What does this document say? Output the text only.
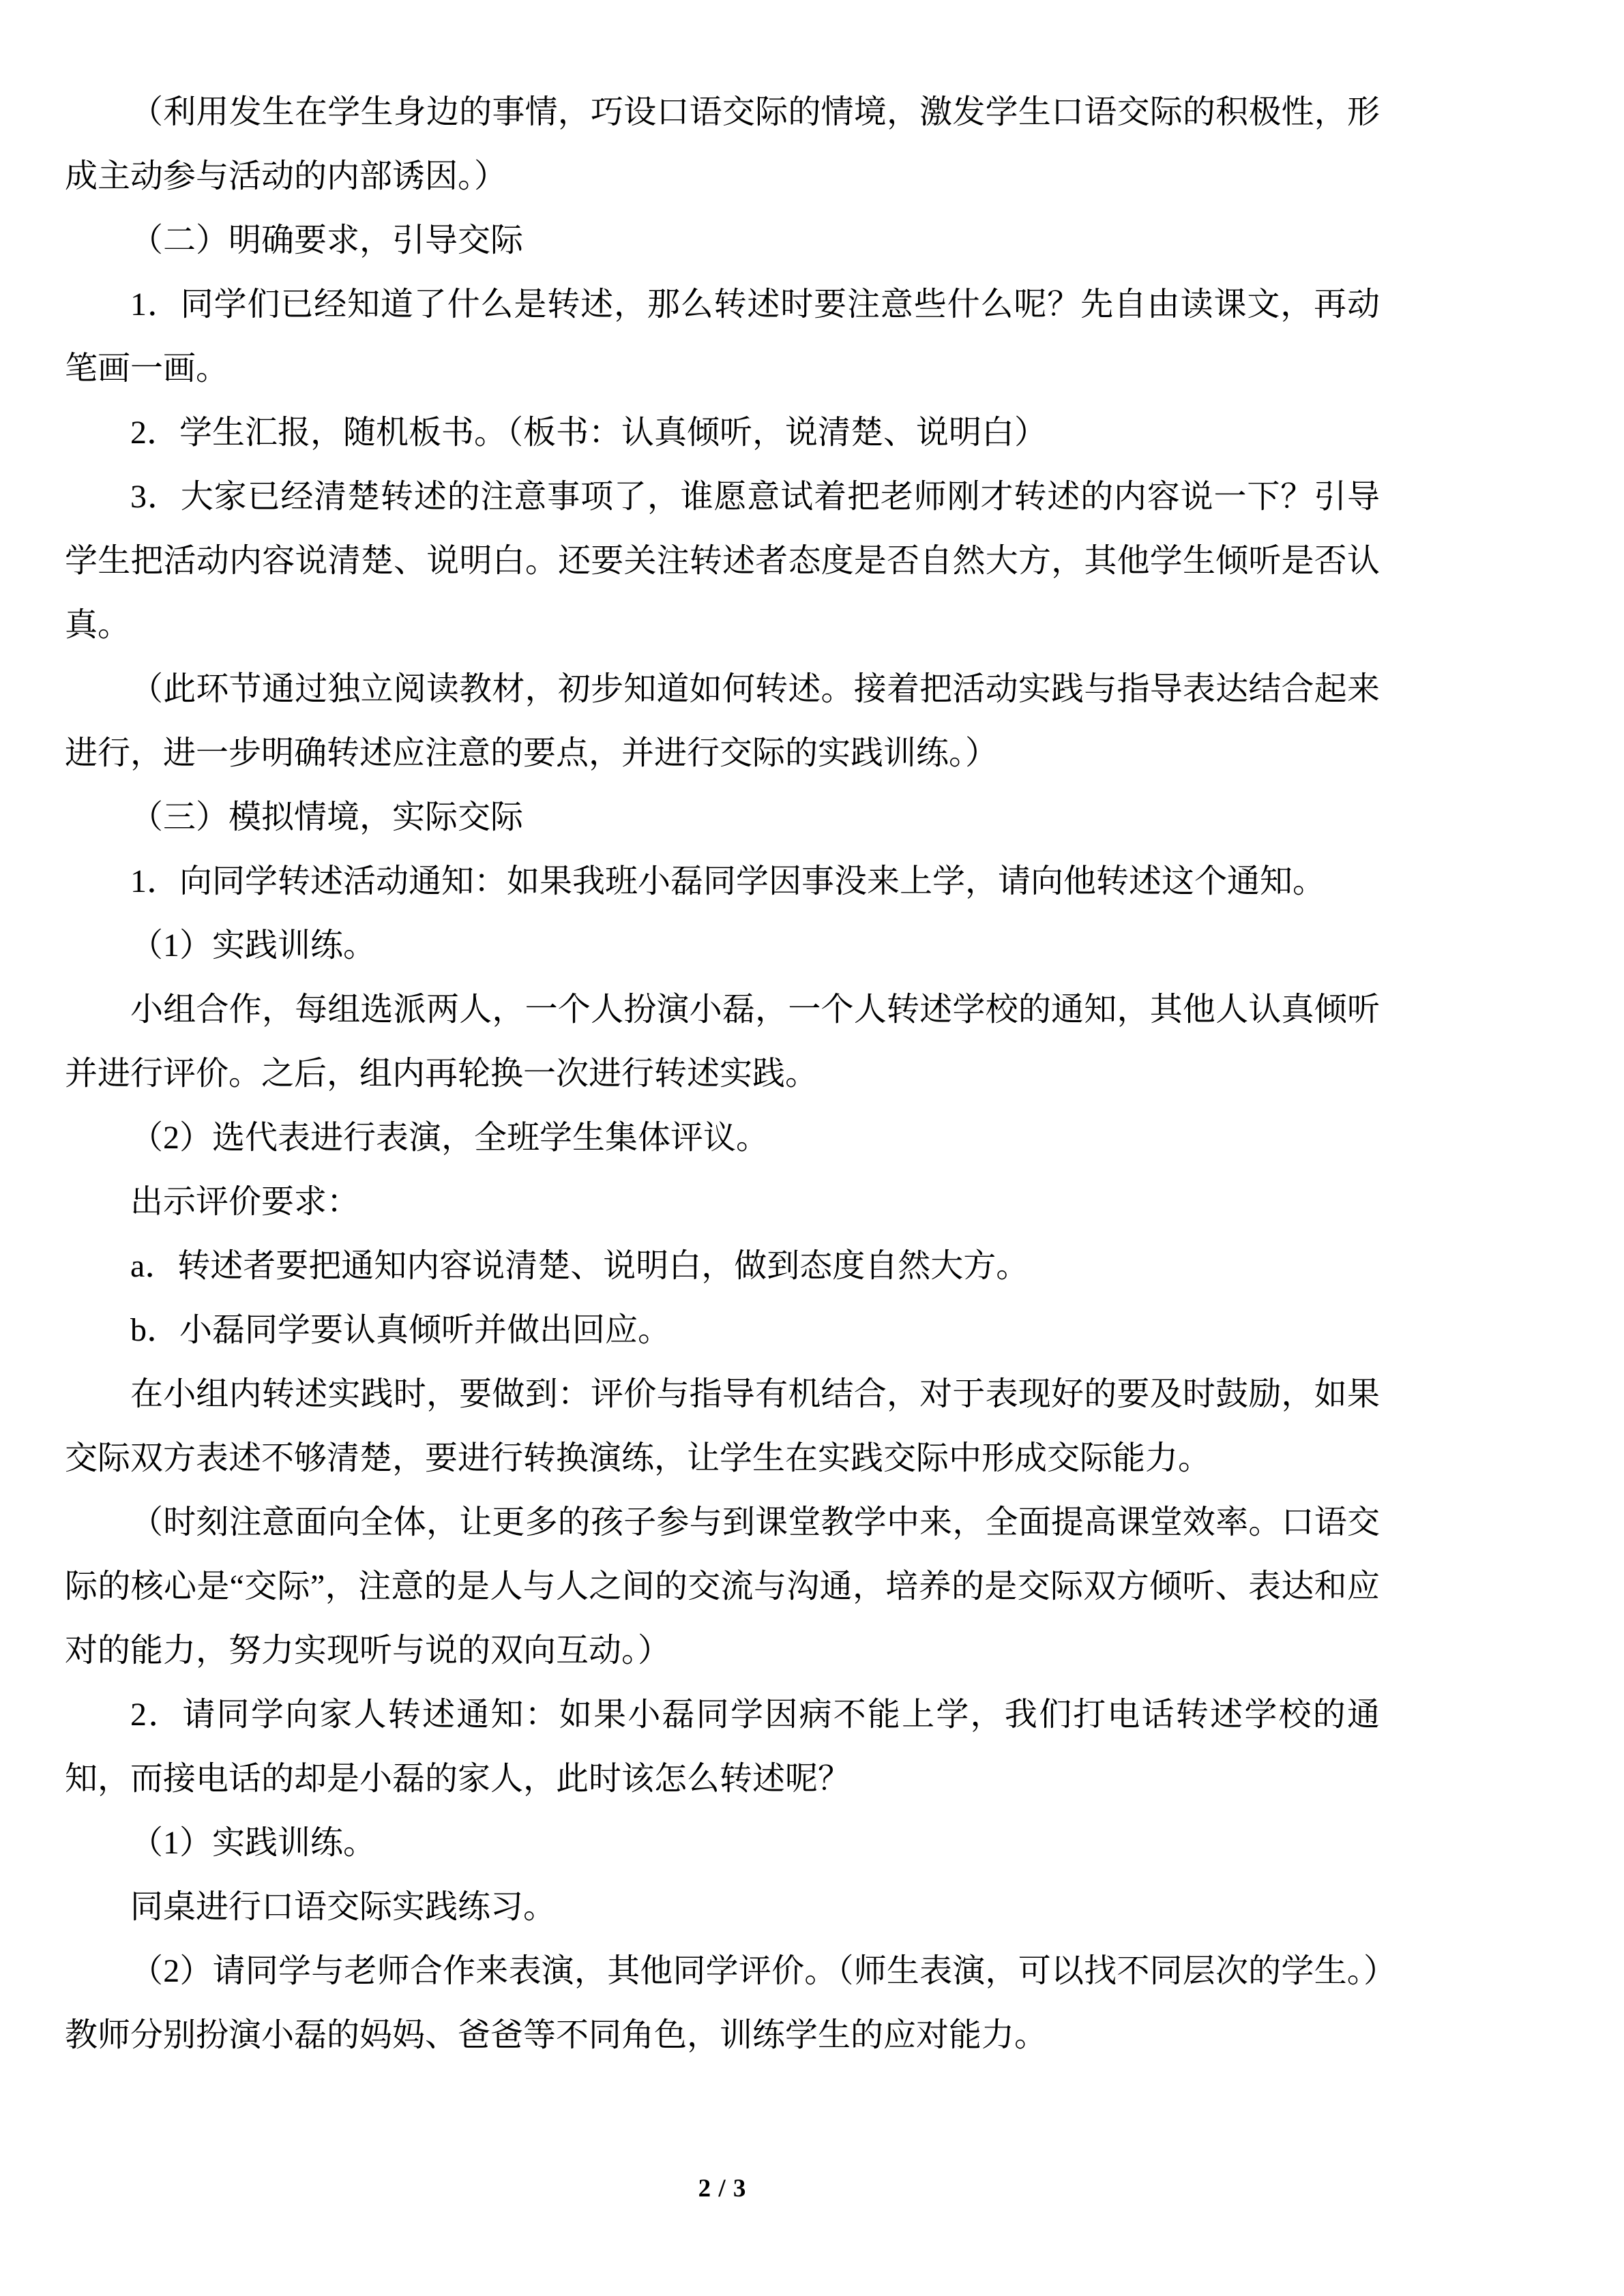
（利用发生在学生身边的事情，巧设口语交际的情境，激发学生口语交际的积极性，形成主动参与活动的内部诱因。）

（二）明确要求，引导交际

1．同学们已经知道了什么是转述，那么转述时要注意些什么呢？先自由读课文，再动笔画一画。

2．学生汇报，随机板书。（板书：认真倾听，说清楚、说明白）

3．大家已经清楚转述的注意事项了，谁愿意试着把老师刚才转述的内容说一下？引导学生把活动内容说清楚、说明白。还要关注转述者态度是否自然大方，其他学生倾听是否认真。

（此环节通过独立阅读教材，初步知道如何转述。接着把活动实践与指导表达结合起来进行，进一步明确转述应注意的要点，并进行交际的实践训练。）

（三）模拟情境，实际交际

1．向同学转述活动通知：如果我班小磊同学因事没来上学，请向他转述这个通知。

（1）实践训练。

小组合作，每组选派两人，一个人扮演小磊，一个人转述学校的通知，其他人认真倾听并进行评价。之后，组内再轮换一次进行转述实践。

（2）选代表进行表演，全班学生集体评议。

出示评价要求：

a．转述者要把通知内容说清楚、说明白，做到态度自然大方。

b．小磊同学要认真倾听并做出回应。

在小组内转述实践时，要做到：评价与指导有机结合，对于表现好的要及时鼓励，如果交际双方表述不够清楚，要进行转换演练，让学生在实践交际中形成交际能力。

（时刻注意面向全体，让更多的孩子参与到课堂教学中来，全面提高课堂效率。口语交际的核心是“交际”，注意的是人与人之间的交流与沟通，培养的是交际双方倾听、表达和应对的能力，努力实现听与说的双向互动。）

2．请同学向家人转述通知：如果小磊同学因病不能上学，我们打电话转述学校的通知，而接电话的却是小磊的家人，此时该怎么转述呢？

（1）实践训练。

同桌进行口语交际实践练习。

（2）请同学与老师合作来表演，其他同学评价。（师生表演，可以找不同层次的学生。）教师分别扮演小磊的妈妈、爸爸等不同角色，训练学生的应对能力。

2 / 3
